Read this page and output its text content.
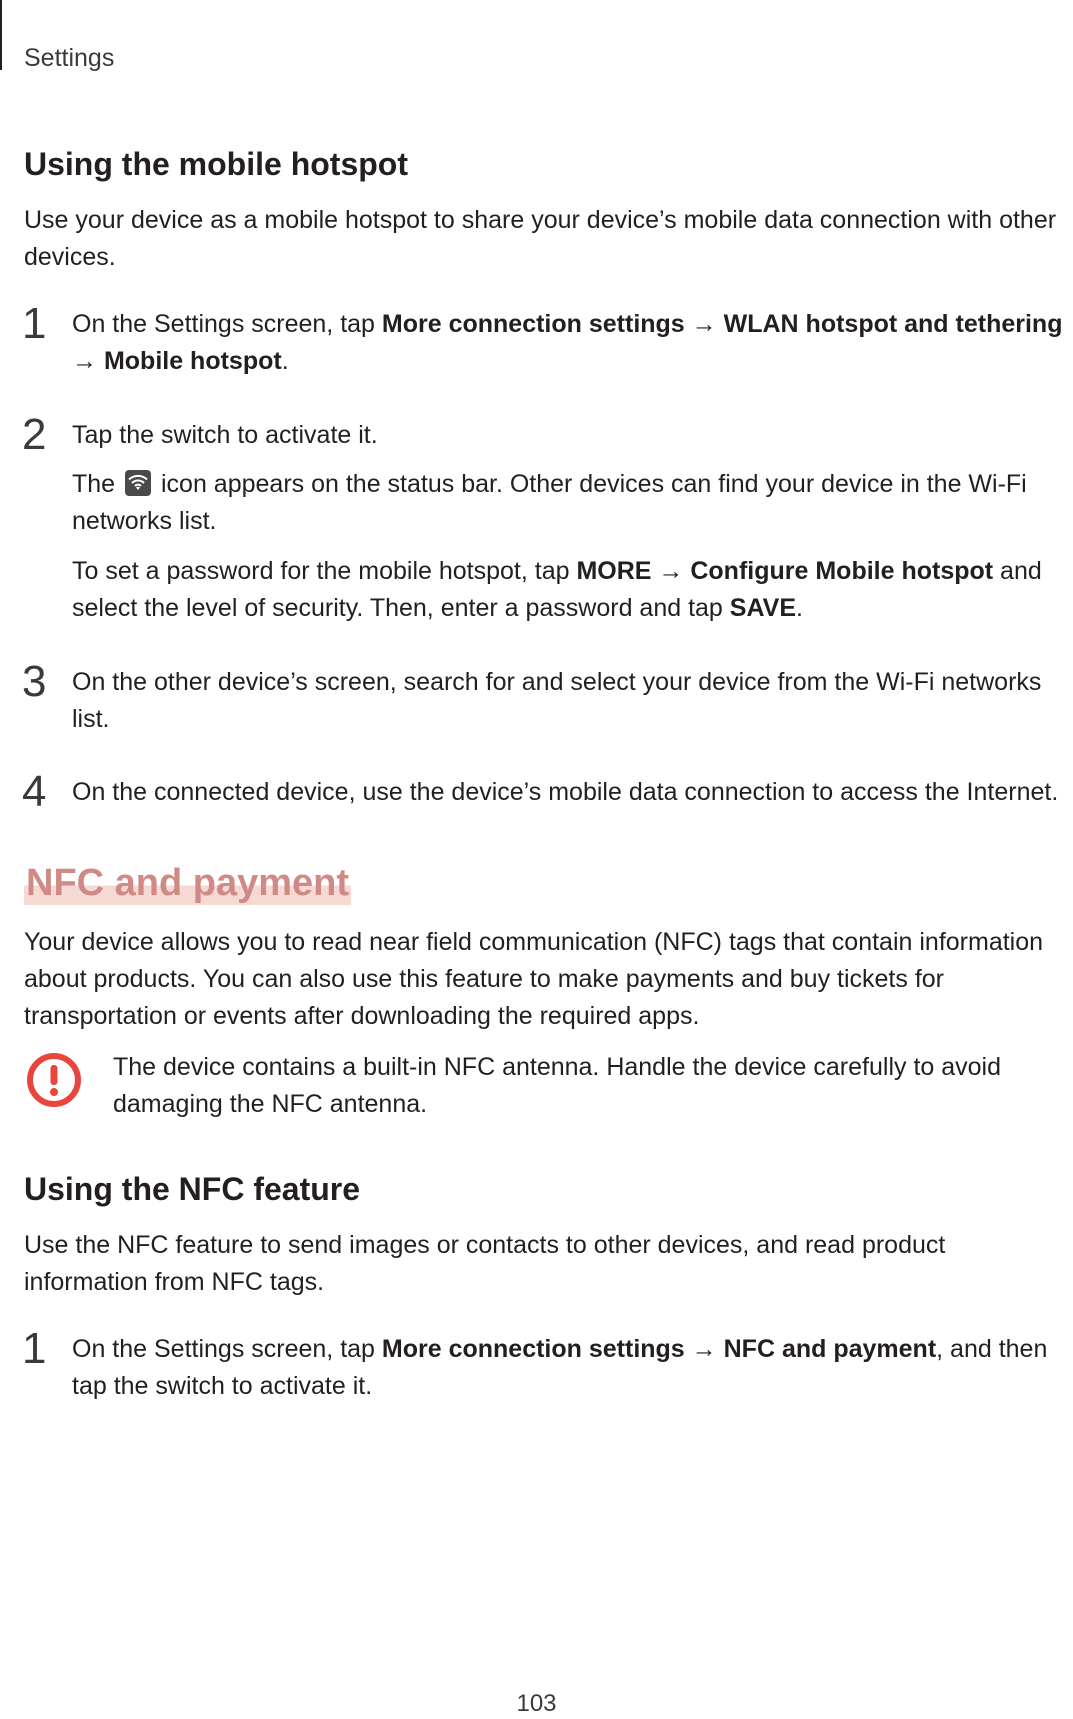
Settings
Using the mobile hotspot

Use your device as a mobile hotspot to share your device’s mobile data connection with other devices.

1 On the Settings screen, tap More connection settings → WLAN hotspot and tethering → Mobile hotspot.

2 Tap the switch to activate it.

The icon appears on the status bar. Other devices can find your device in the Wi-Fi networks list.

To set a password for the mobile hotspot, tap MORE → Configure Mobile hotspot and select the level of security. Then, enter a password and tap SAVE.

3 On the other device’s screen, search for and select your device from the Wi-Fi networks list.

4 On the connected device, use the device’s mobile data connection to access the Internet.

NFC and payment

Your device allows you to read near field communication (NFC) tags that contain information about products. You can also use this feature to make payments and buy tickets for transportation or events after downloading the required apps.

The device contains a built-in NFC antenna. Handle the device carefully to avoid damaging the NFC antenna.

Using the NFC feature

Use the NFC feature to send images or contacts to other devices, and read product information from NFC tags.

1 On the Settings screen, tap More connection settings → NFC and payment, and then tap the switch to activate it.

103
